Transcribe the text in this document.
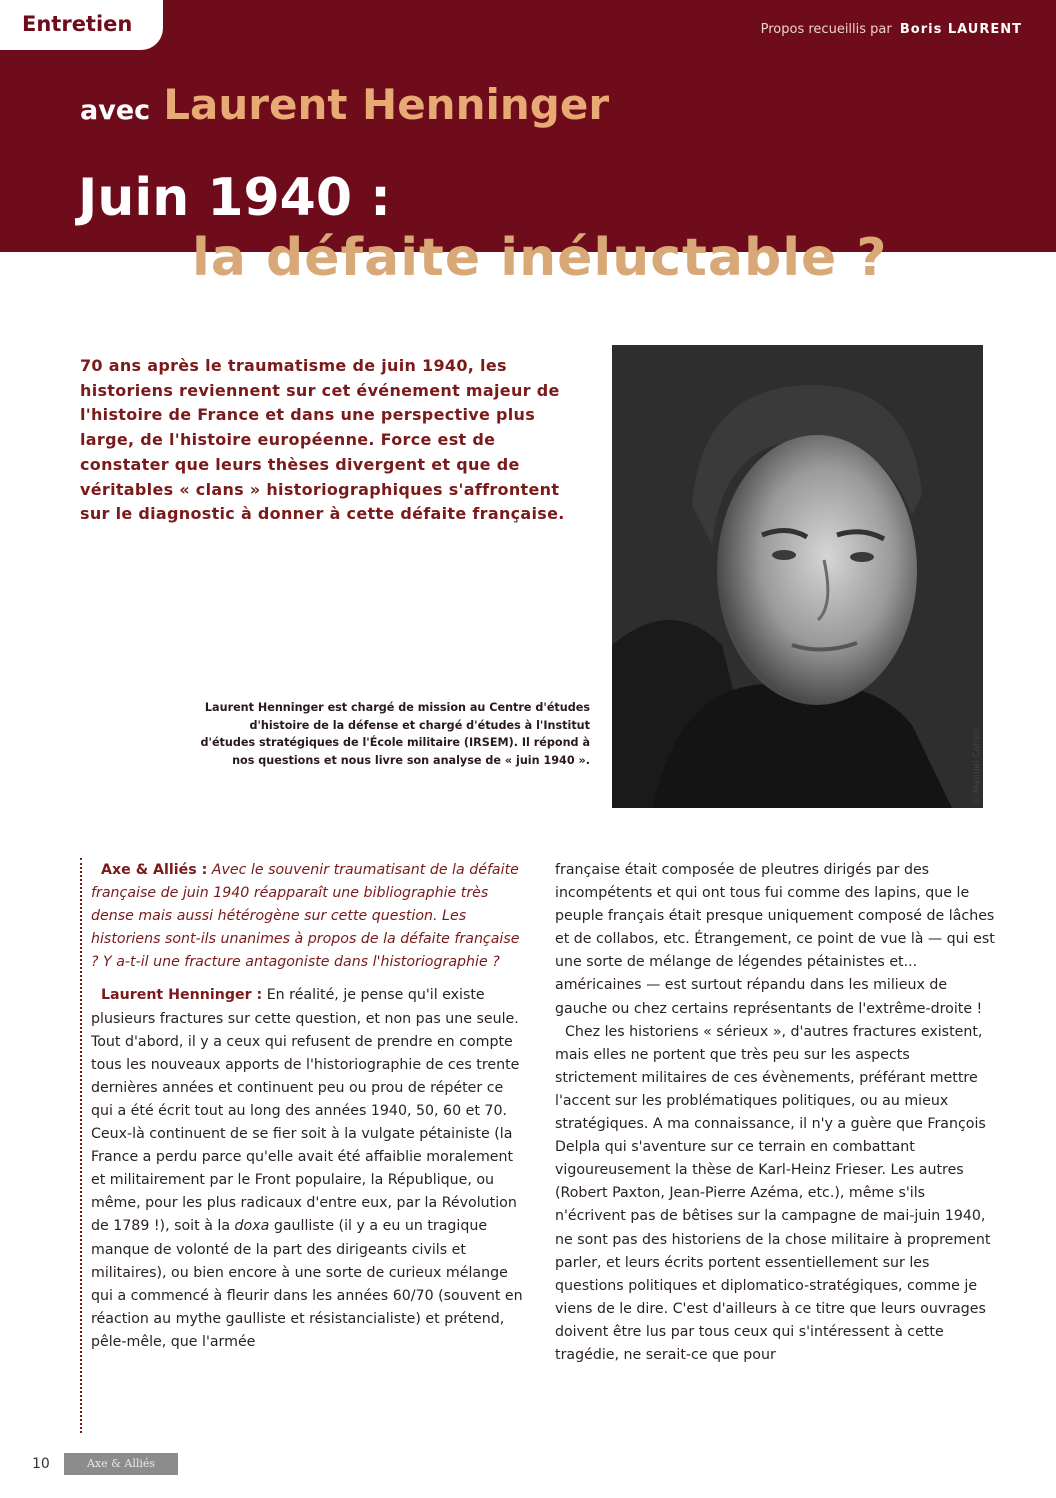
Entretien	Propos recueillis par Boris LAURENT
avec Laurent Henninger
Juin 1940 :
la défaite inéluctable ?
70 ans après le traumatisme de juin 1940, les historiens reviennent sur cet événement majeur de l'histoire de France et dans une perspective plus large, de l'histoire européenne. Force est de constater que leurs thèses divergent et que de véritables « clans » historiographiques s'affrontent sur le diagnostic à donner à cette défaite française.
© Manuel Cohen
Laurent Henninger est chargé de mission au Centre d'études d'histoire de la défense et chargé d'études à l'Institut d'études stratégiques de l'École militaire (IRSEM). Il répond à nos questions et nous livre son analyse de « juin 1940 ».

Axe & Alliés : Avec le souvenir traumatisant de la défaite française de juin 1940 réapparaît une bibliographie très dense mais aussi hétérogène sur cette question. Les historiens sont-ils unanimes à propos de la défaite française ? Y a-t-il une fracture antagoniste dans l'historiographie ?

Laurent Henninger : En réalité, je pense qu'il existe plusieurs fractures sur cette question, et non pas une seule. Tout d'abord, il y a ceux qui refusent de prendre en compte tous les nouveaux apports de l'historiographie de ces trente dernières années et continuent peu ou prou de répéter ce qui a été écrit tout au long des années 1940, 50, 60 et 70. Ceux-là continuent de se fier soit à la vulgate pétainiste (la France a perdu parce qu'elle avait été affaiblie moralement et militairement par le Front populaire, la République, ou même, pour les plus radicaux d'entre eux, par la Révolution de 1789 !), soit à la doxa gaulliste (il y a eu un tragique manque de volonté de la part des dirigeants civils et militaires), ou bien encore à une sorte de curieux mélange qui a commencé à fleurir dans les années 60/70 (souvent en réaction au mythe gaulliste et résistancialiste) et prétend, pêle-mêle, que l'armée

française était composée de pleutres dirigés par des incompétents et qui ont tous fui comme des lapins, que le peuple français était presque uniquement composé de lâches et de collabos, etc. Étrangement, ce point de vue là — qui est une sorte de mélange de légendes pétainistes et... américaines — est surtout répandu dans les milieux de gauche ou chez certains représentants de l'extrême-droite !

Chez les historiens « sérieux », d'autres fractures existent, mais elles ne portent que très peu sur les aspects strictement militaires de ces évènements, préférant mettre l'accent sur les problématiques politiques, ou au mieux stratégiques. A ma connaissance, il n'y a guère que François Delpla qui s'aventure sur ce terrain en combattant vigoureusement la thèse de Karl-Heinz Frieser. Les autres (Robert Paxton, Jean-Pierre Azéma, etc.), même s'ils n'écrivent pas de bêtises sur la campagne de mai-juin 1940, ne sont pas des historiens de la chose militaire à proprement parler, et leurs écrits portent essentiellement sur les questions politiques et diplomatico-stratégiques, comme je viens de le dire. C'est d'ailleurs à ce titre que leurs ouvrages doivent être lus par tous ceux qui s'intéressent à cette tragédie, ne serait-ce que pour

10	Axe & Alliés
